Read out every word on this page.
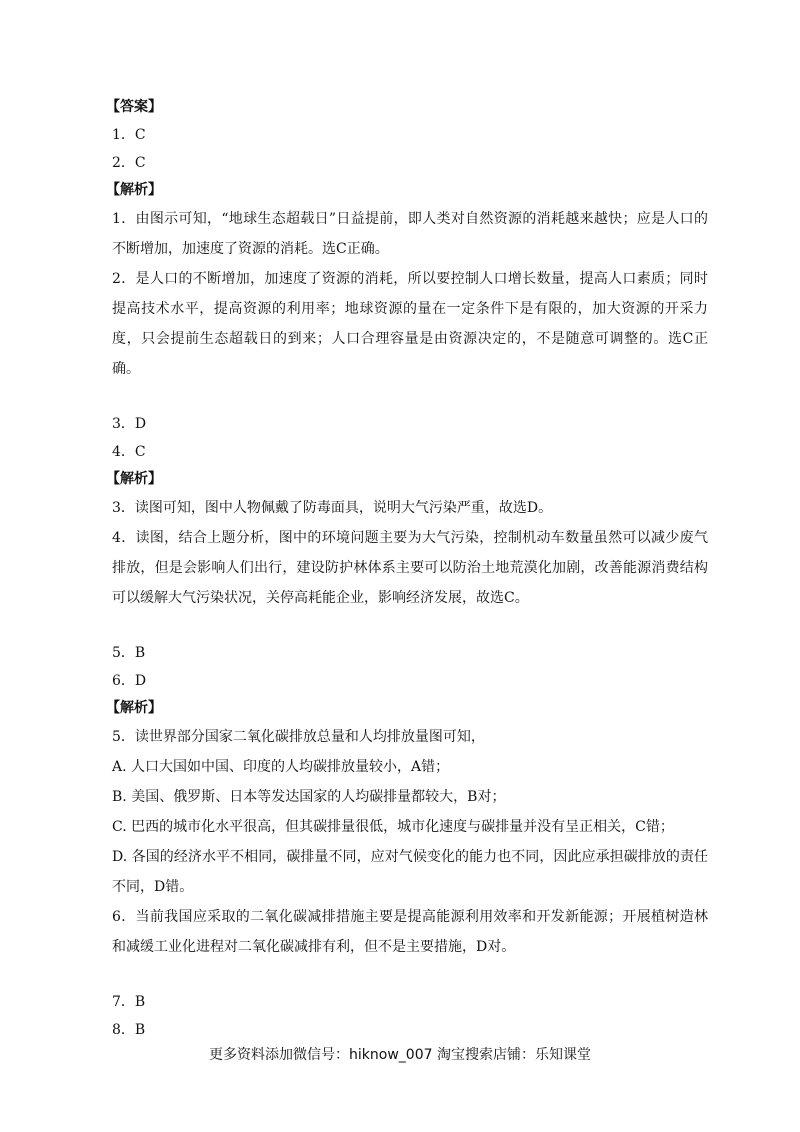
【答案】
1．C
2．C
【解析】
1．由图示可知，“地球生态超载日”日益提前，即人类对自然资源的消耗越来越快；应是人口的不断增加，加速度了资源的消耗。选C正确。
2．是人口的不断增加，加速度了资源的消耗，所以要控制人口增长数量，提高人口素质；同时提高技术水平，提高资源的利用率；地球资源的量在一定条件下是有限的，加大资源的开采力度，只会提前生态超载日的到来；人口合理容量是由资源决定的，不是随意可调整的。选C正确。
3．D
4．C
【解析】
3．读图可知，图中人物佩戴了防毒面具，说明大气污染严重，故选D。
4．读图，结合上题分析，图中的环境问题主要为大气污染，控制机动车数量虽然可以减少废气排放，但是会影响人们出行，建设防护林体系主要可以防治土地荒漠化加剧，改善能源消费结构可以缓解大气污染状况，关停高耗能企业，影响经济发展，故选C。
5．B
6．D
【解析】
5．读世界部分国家二氧化碳排放总量和人均排放量图可知，
A. 人口大国如中国、印度的人均碳排放量较小，A错；
B. 美国、俄罗斯、日本等发达国家的人均碳排量都较大，B对；
C. 巴西的城市化水平很高，但其碳排量很低，城市化速度与碳排量并没有呈正相关，C错；
D. 各国的经济水平不相同，碳排量不同，应对气候变化的能力也不同，因此应承担碳排放的责任不同，D错。
6．当前我国应采取的二氧化碳减排措施主要是提高能源利用效率和开发新能源；开展植树造林和减缓工业化进程对二氧化碳减排有利，但不是主要措施，D对。
7．B
8．B
更多资料添加微信号：hiknow_007 淘宝搜索店铺：乐知课堂
